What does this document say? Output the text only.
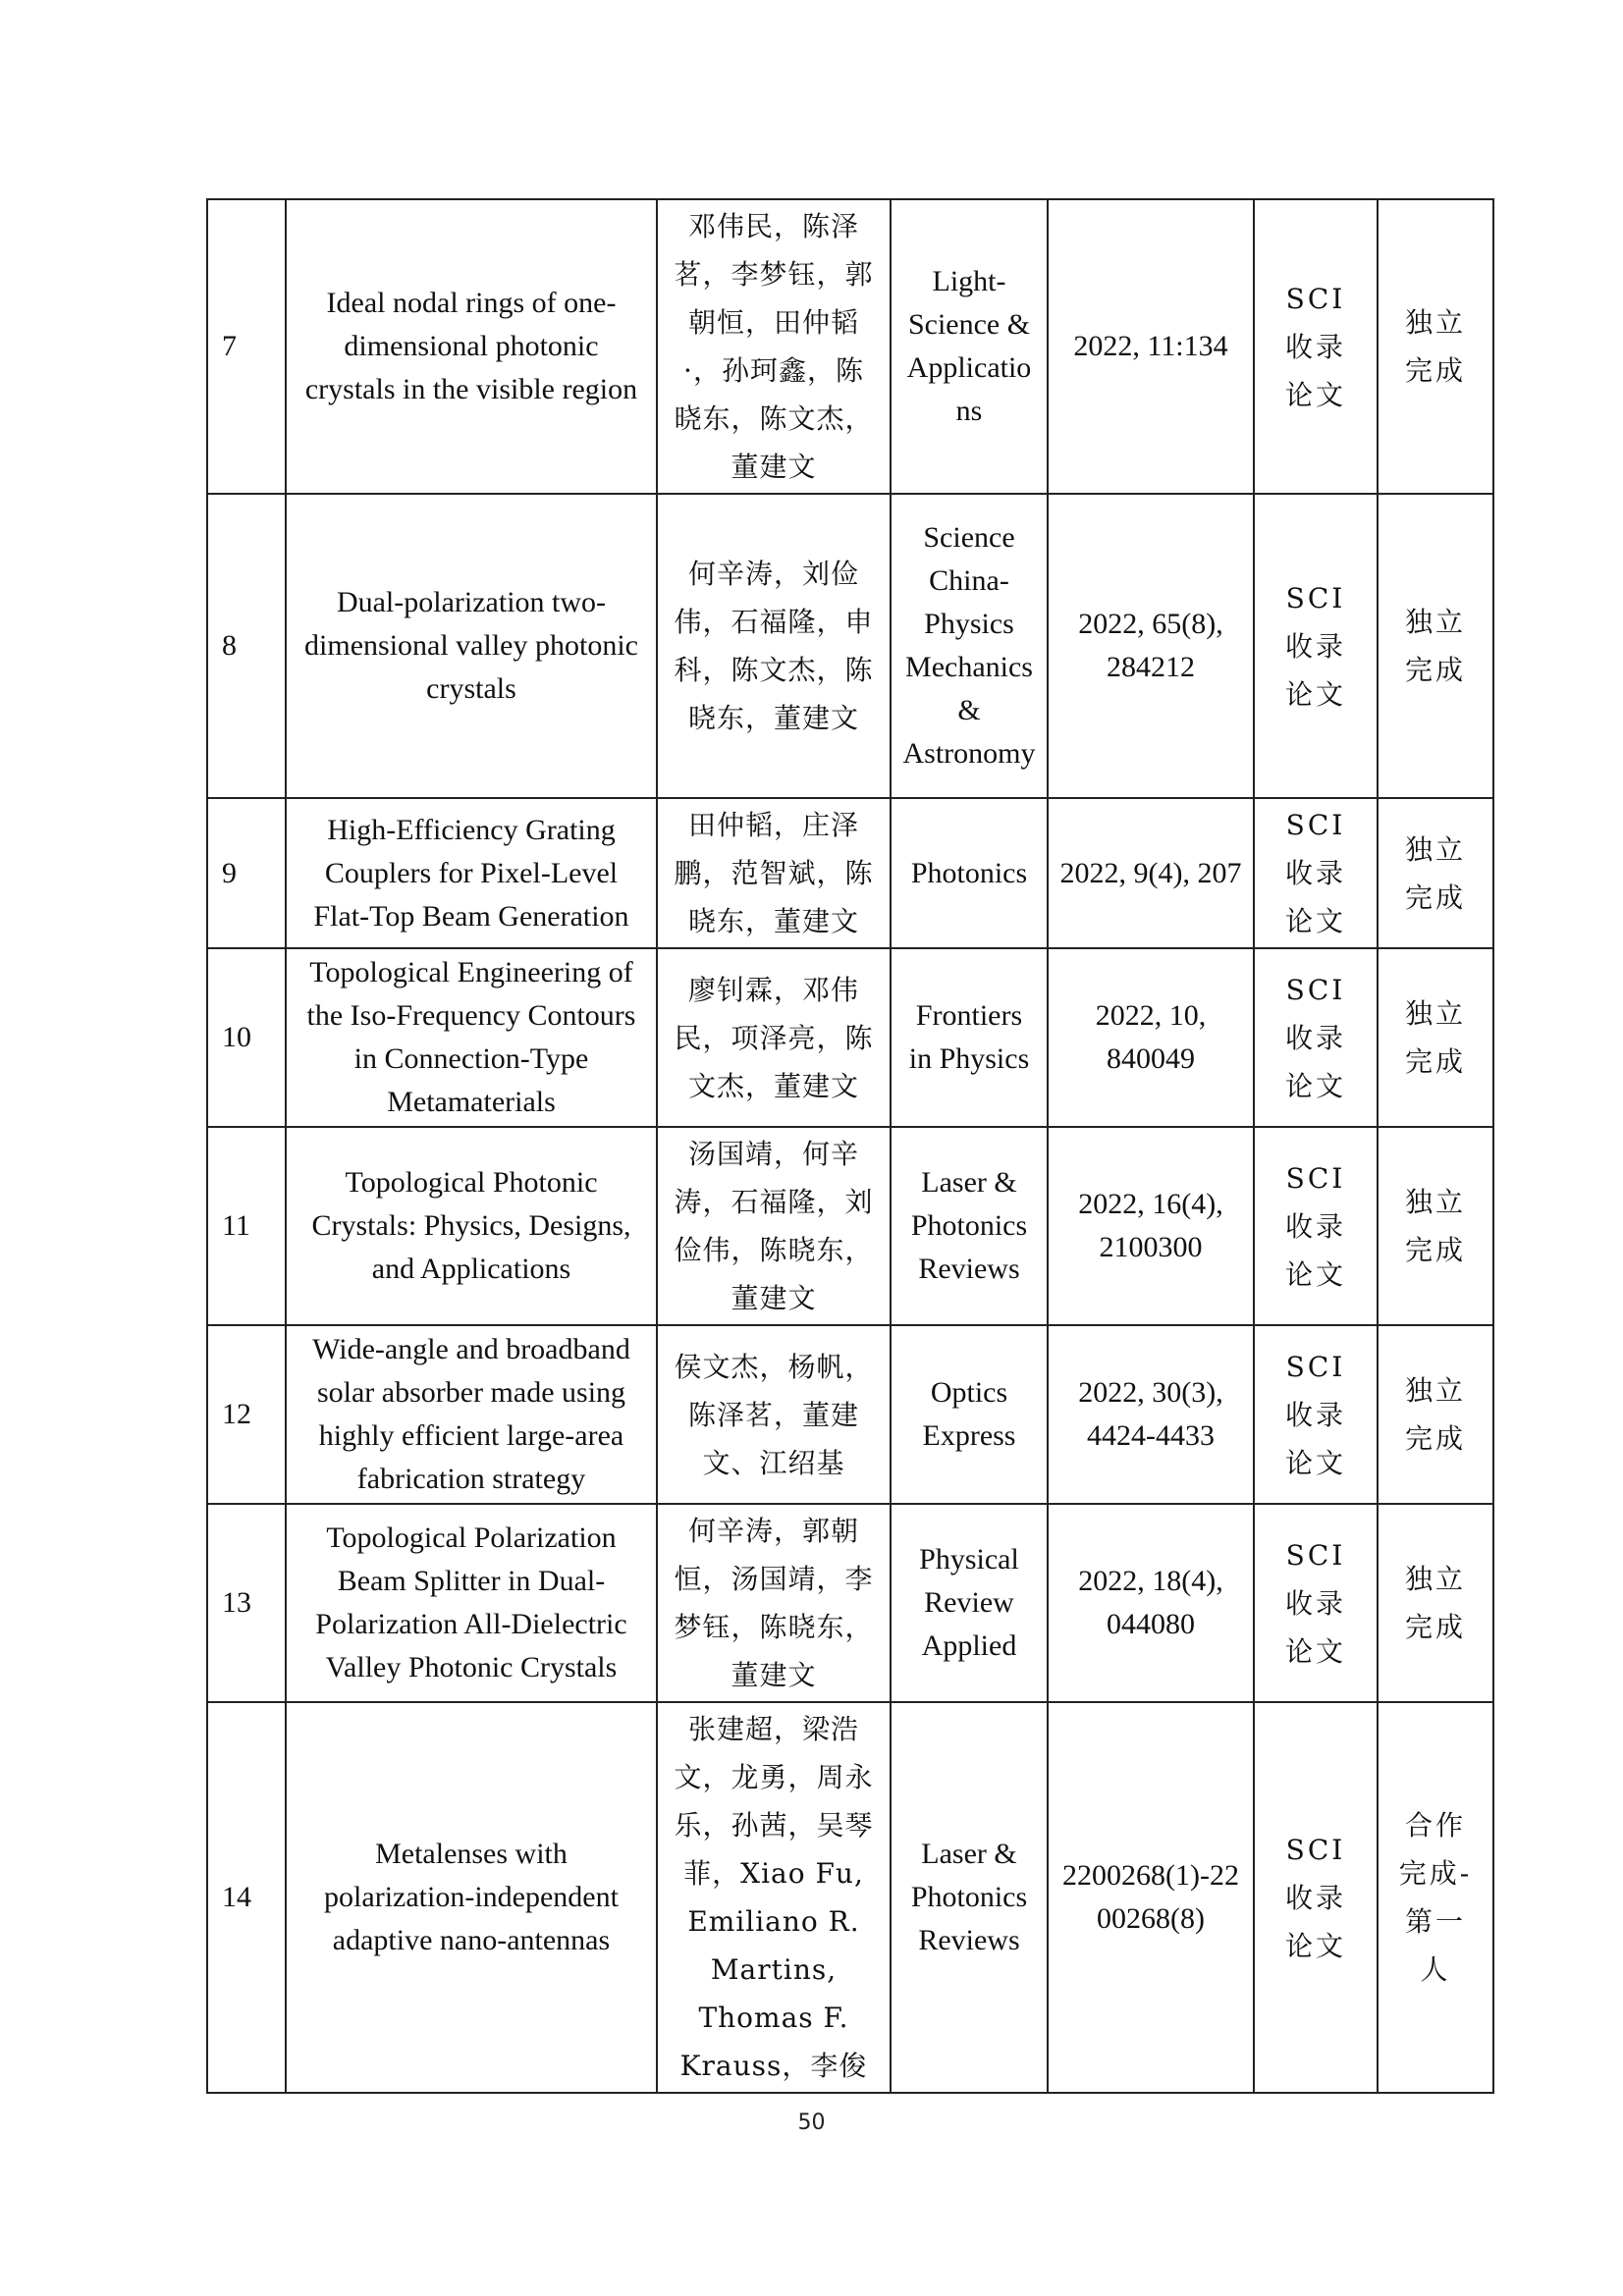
7	Ideal nodal rings of one-dimensional photonic crystals in the visible region	邓伟民，陈泽茗，李梦钰，郭朝恒，田仲韬·，孙珂鑫，陈晓东，陈文杰，董建文	Light-Science & Applications	2022, 11:134	SCI 收录论文	独立完成

8	Dual-polarization two-dimensional valley photonic crystals	何辛涛，刘俭伟，石福隆，申科，陈文杰，陈晓东，董建文	Science China-Physics Mechanics & Astronomy	2022, 65(8), 284212	SCI 收录论文	独立完成

9	High-Efficiency Grating Couplers for Pixel-Level Flat-Top Beam Generation	田仲韬，庄泽鹏，范智斌，陈晓东，董建文	Photonics	2022, 9(4), 207	SCI 收录论文	独立完成

10	Topological Engineering of the Iso-Frequency Contours in Connection-Type Metamaterials	廖钊霖，邓伟民，项泽亮，陈文杰，董建文	Frontiers in Physics	2022, 10, 840049	SCI 收录论文	独立完成

11	Topological Photonic Crystals: Physics, Designs, and Applications	汤国靖，何辛涛，石福隆，刘俭伟，陈晓东，董建文	Laser & Photonics Reviews	2022, 16(4), 2100300	SCI 收录论文	独立完成

12	Wide-angle and broadband solar absorber made using highly efficient large-area fabrication strategy	侯文杰，杨帆，陈泽茗，董建文、江绍基	Optics Express	2022, 30(3), 4424-4433	SCI 收录论文	独立完成

13	Topological Polarization Beam Splitter in Dual-Polarization All-Dielectric Valley Photonic Crystals	何辛涛，郭朝恒，汤国靖，李梦钰，陈晓东，董建文	Physical Review Applied	2022, 18(4), 044080	SCI 收录论文	独立完成

14	Metalenses with polarization-independent adaptive nano-antennas	张建超，梁浩文，龙勇，周永乐，孙茜，吴琴菲，Xiao Fu, Emiliano R. Martins, Thomas F. Krauss，李俊	Laser & Photonics Reviews	2200268(1)-2200268(8)	SCI 收录论文	合作完成-第一人
50
